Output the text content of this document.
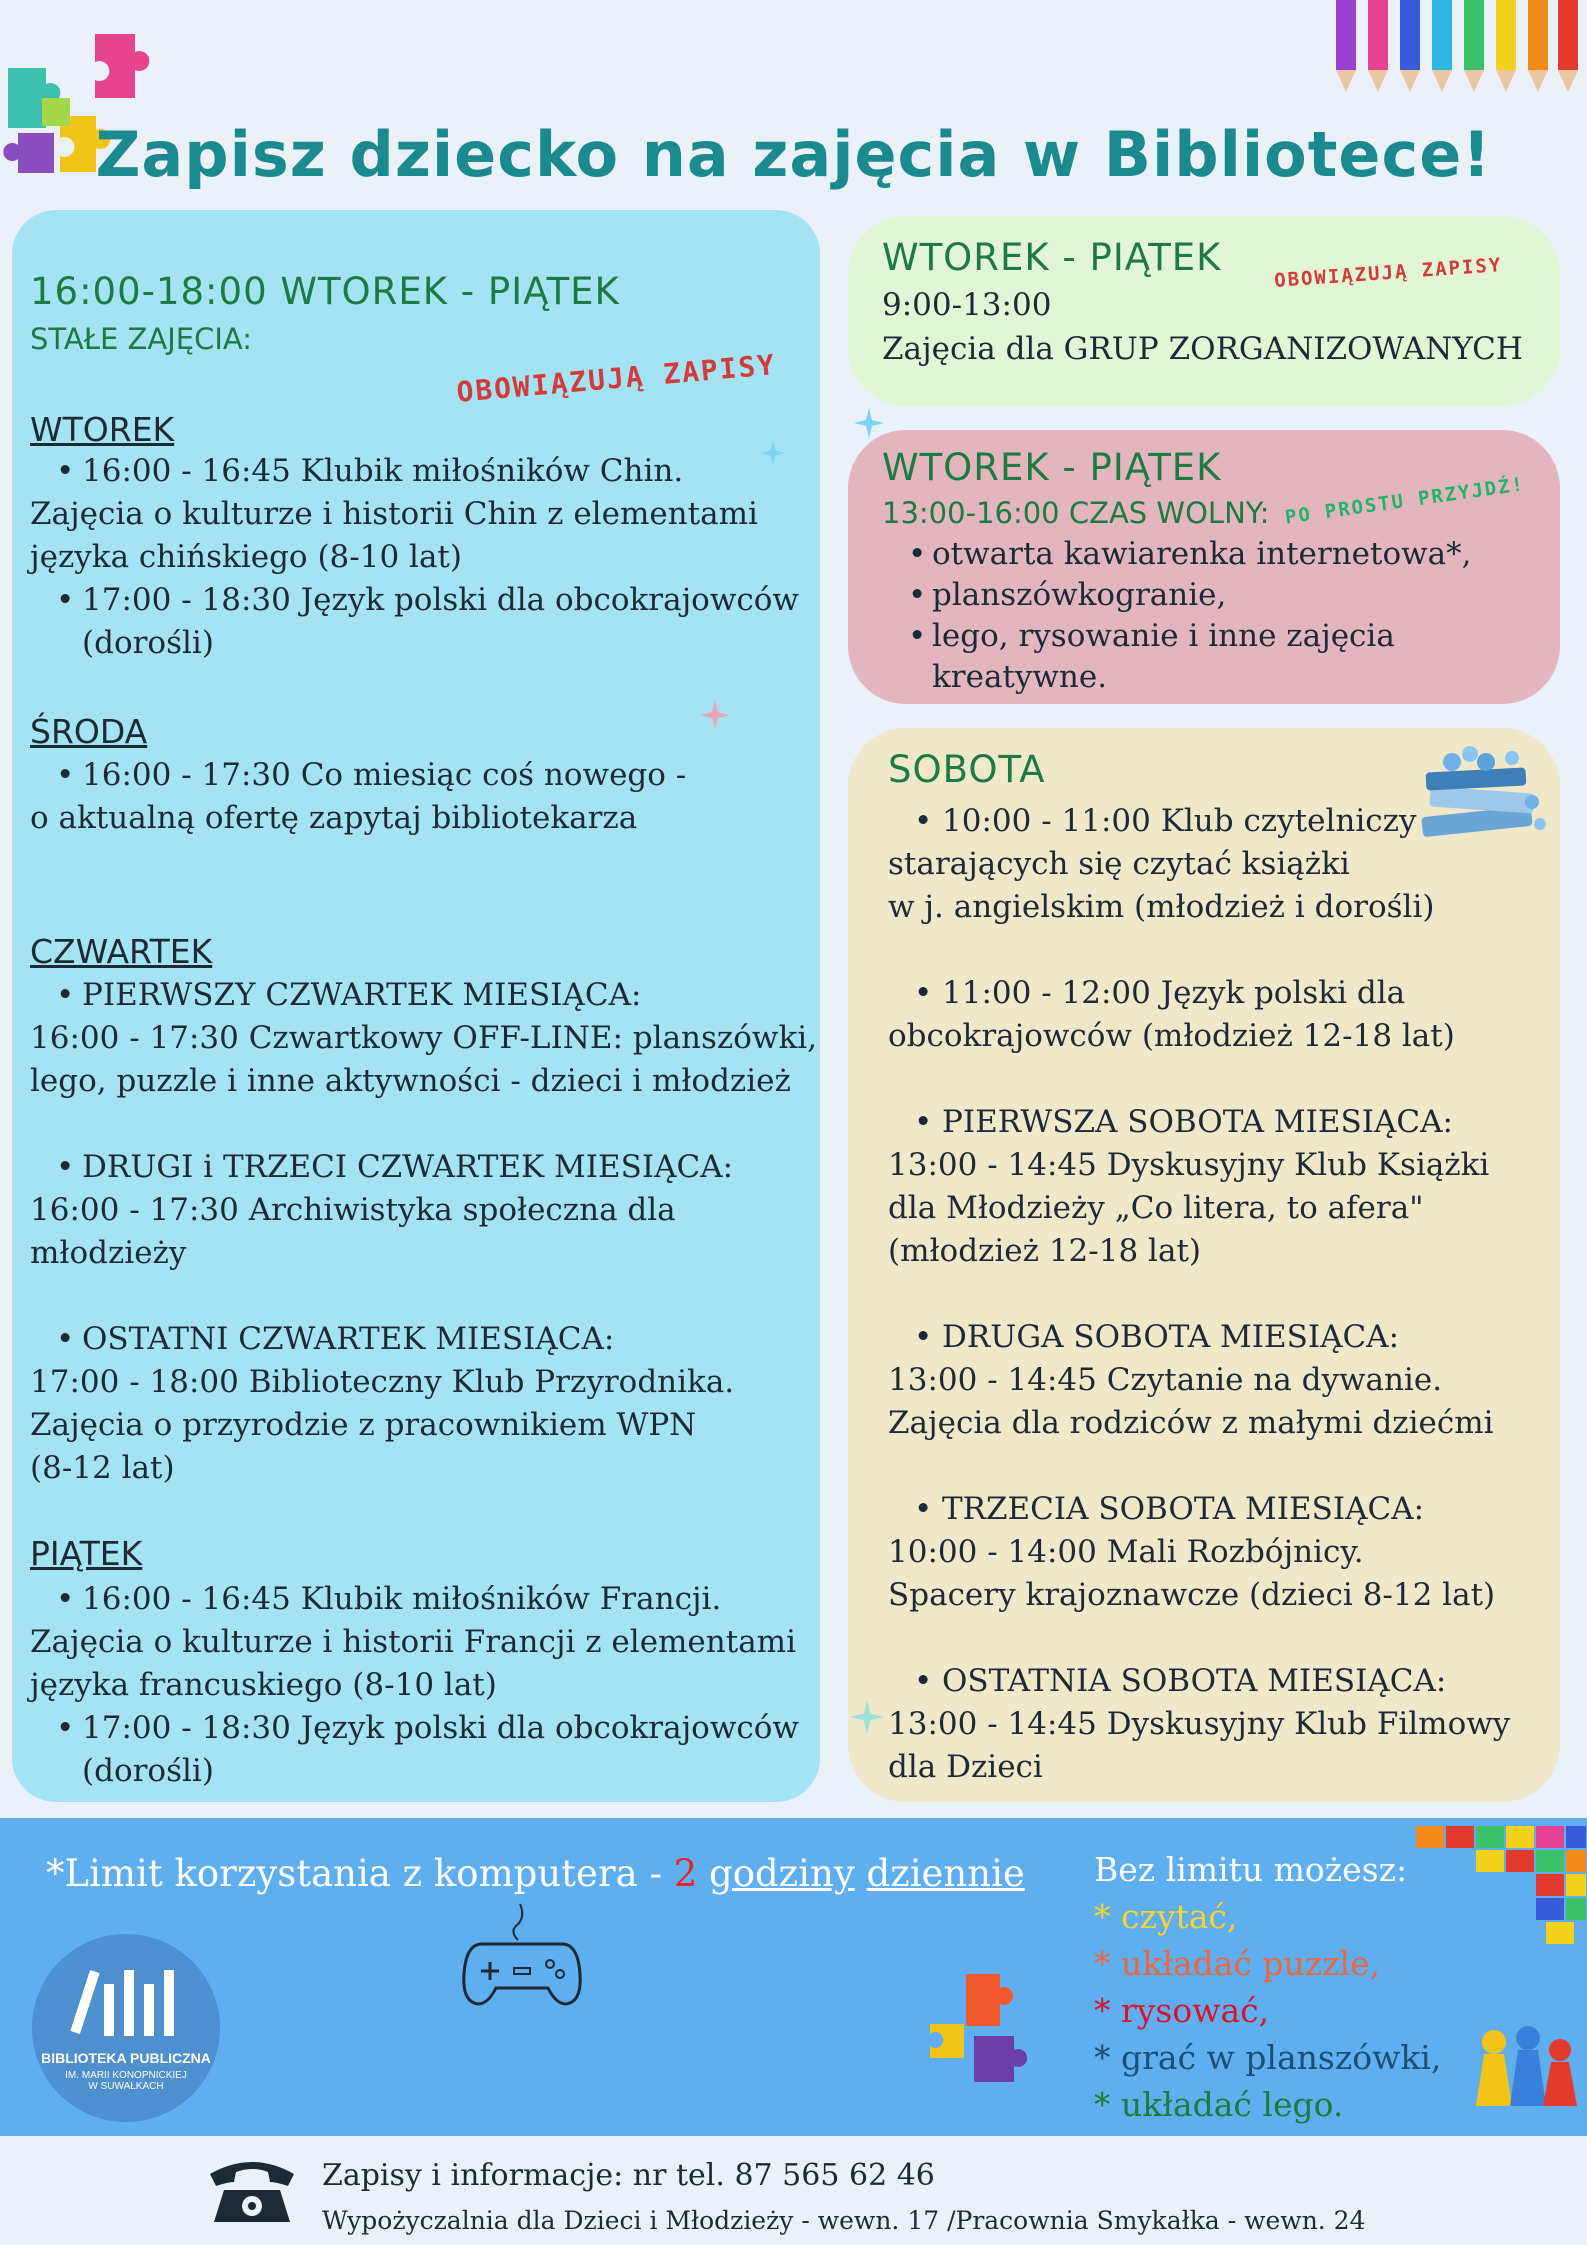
Zapisz dziecko na zajęcia w Bibliotece!
16:00-18:00 WTOREK - PIĄTEK
STAŁE ZAJĘCIA:
OBOWIĄZUJĄ ZAPISY
WTOREK
• 16:00 - 16:45 Klubik miłośników Chin.
Zajęcia o kulturze i historii Chin z elementami
języka chińskiego (8-10 lat)
• 17:00 - 18:30 Język polski dla obcokrajowców
(dorośli)
ŚRODA
• 16:00 - 17:30 Co miesiąc coś nowego -
o aktualną ofertę zapytaj bibliotekarza
CZWARTEK
• PIERWSZY CZWARTEK MIESIĄCA:
16:00 - 17:30 Czwartkowy OFF-LINE: planszówki,
lego, puzzle i inne aktywności - dzieci i młodzież
• DRUGI i TRZECI CZWARTEK MIESIĄCA:
16:00 - 17:30 Archiwistyka społeczna dla
młodzieży
• OSTATNI CZWARTEK MIESIĄCA:
17:00 - 18:00 Biblioteczny Klub Przyrodnika.
Zajęcia o przyrodzie z pracownikiem WPN
(8-12 lat)
PIĄTEK
• 16:00 - 16:45 Klubik miłośników Francji.
Zajęcia o kulturze i historii Francji z elementami
języka francuskiego (8-10 lat)
• 17:00 - 18:30 Język polski dla obcokrajowców
(dorośli)
WTOREK - PIĄTEK	OBOWIĄZUJĄ ZAPISY
9:00-13:00
Zajęcia dla GRUP ZORGANIZOWANYCH
WTOREK - PIĄTEK
13:00-16:00 CZAS WOLNY: PO PROSTU PRZYJDŹ!
• otwarta kawiarenka internetowa*,
• planszówkogranie,
• lego, rysowanie i inne zajęcia
kreatywne.
SOBOTA
• 10:00 - 11:00 Klub czytelniczy
starających się czytać książki
w j. angielskim (młodzież i dorośli)
• 11:00 - 12:00 Język polski dla
obcokrajowców (młodzież 12-18 lat)
• PIERWSZA SOBOTA MIESIĄCA:
13:00 - 14:45 Dyskusyjny Klub Książki
dla Młodzieży „Co litera, to afera"
(młodzież 12-18 lat)
• DRUGA SOBOTA MIESIĄCA:
13:00 - 14:45 Czytanie na dywanie.
Zajęcia dla rodziców z małymi dziećmi
• TRZECIA SOBOTA MIESIĄCA:
10:00 - 14:00 Mali Rozbójnicy.
Spacery krajoznawcze (dzieci 8-12 lat)
• OSTATNIA SOBOTA MIESIĄCA:
13:00 - 14:45 Dyskusyjny Klub Filmowy
dla Dzieci
*Limit korzystania z komputera - 2 godziny dziennie
BIBLIOTEKA PUBLICZNA
IM. MARII KONOPNICKIEJ
W SUWAŁKACH
Bez limitu możesz:
* czytać,
* układać puzzle,
* rysować,
* grać w planszówki,
* układać lego.
Zapisy i informacje: nr tel. 87 565 62 46
Wypożyczalnia dla Dzieci i Młodzieży - wewn. 17 /Pracownia Smykałka - wewn. 24
